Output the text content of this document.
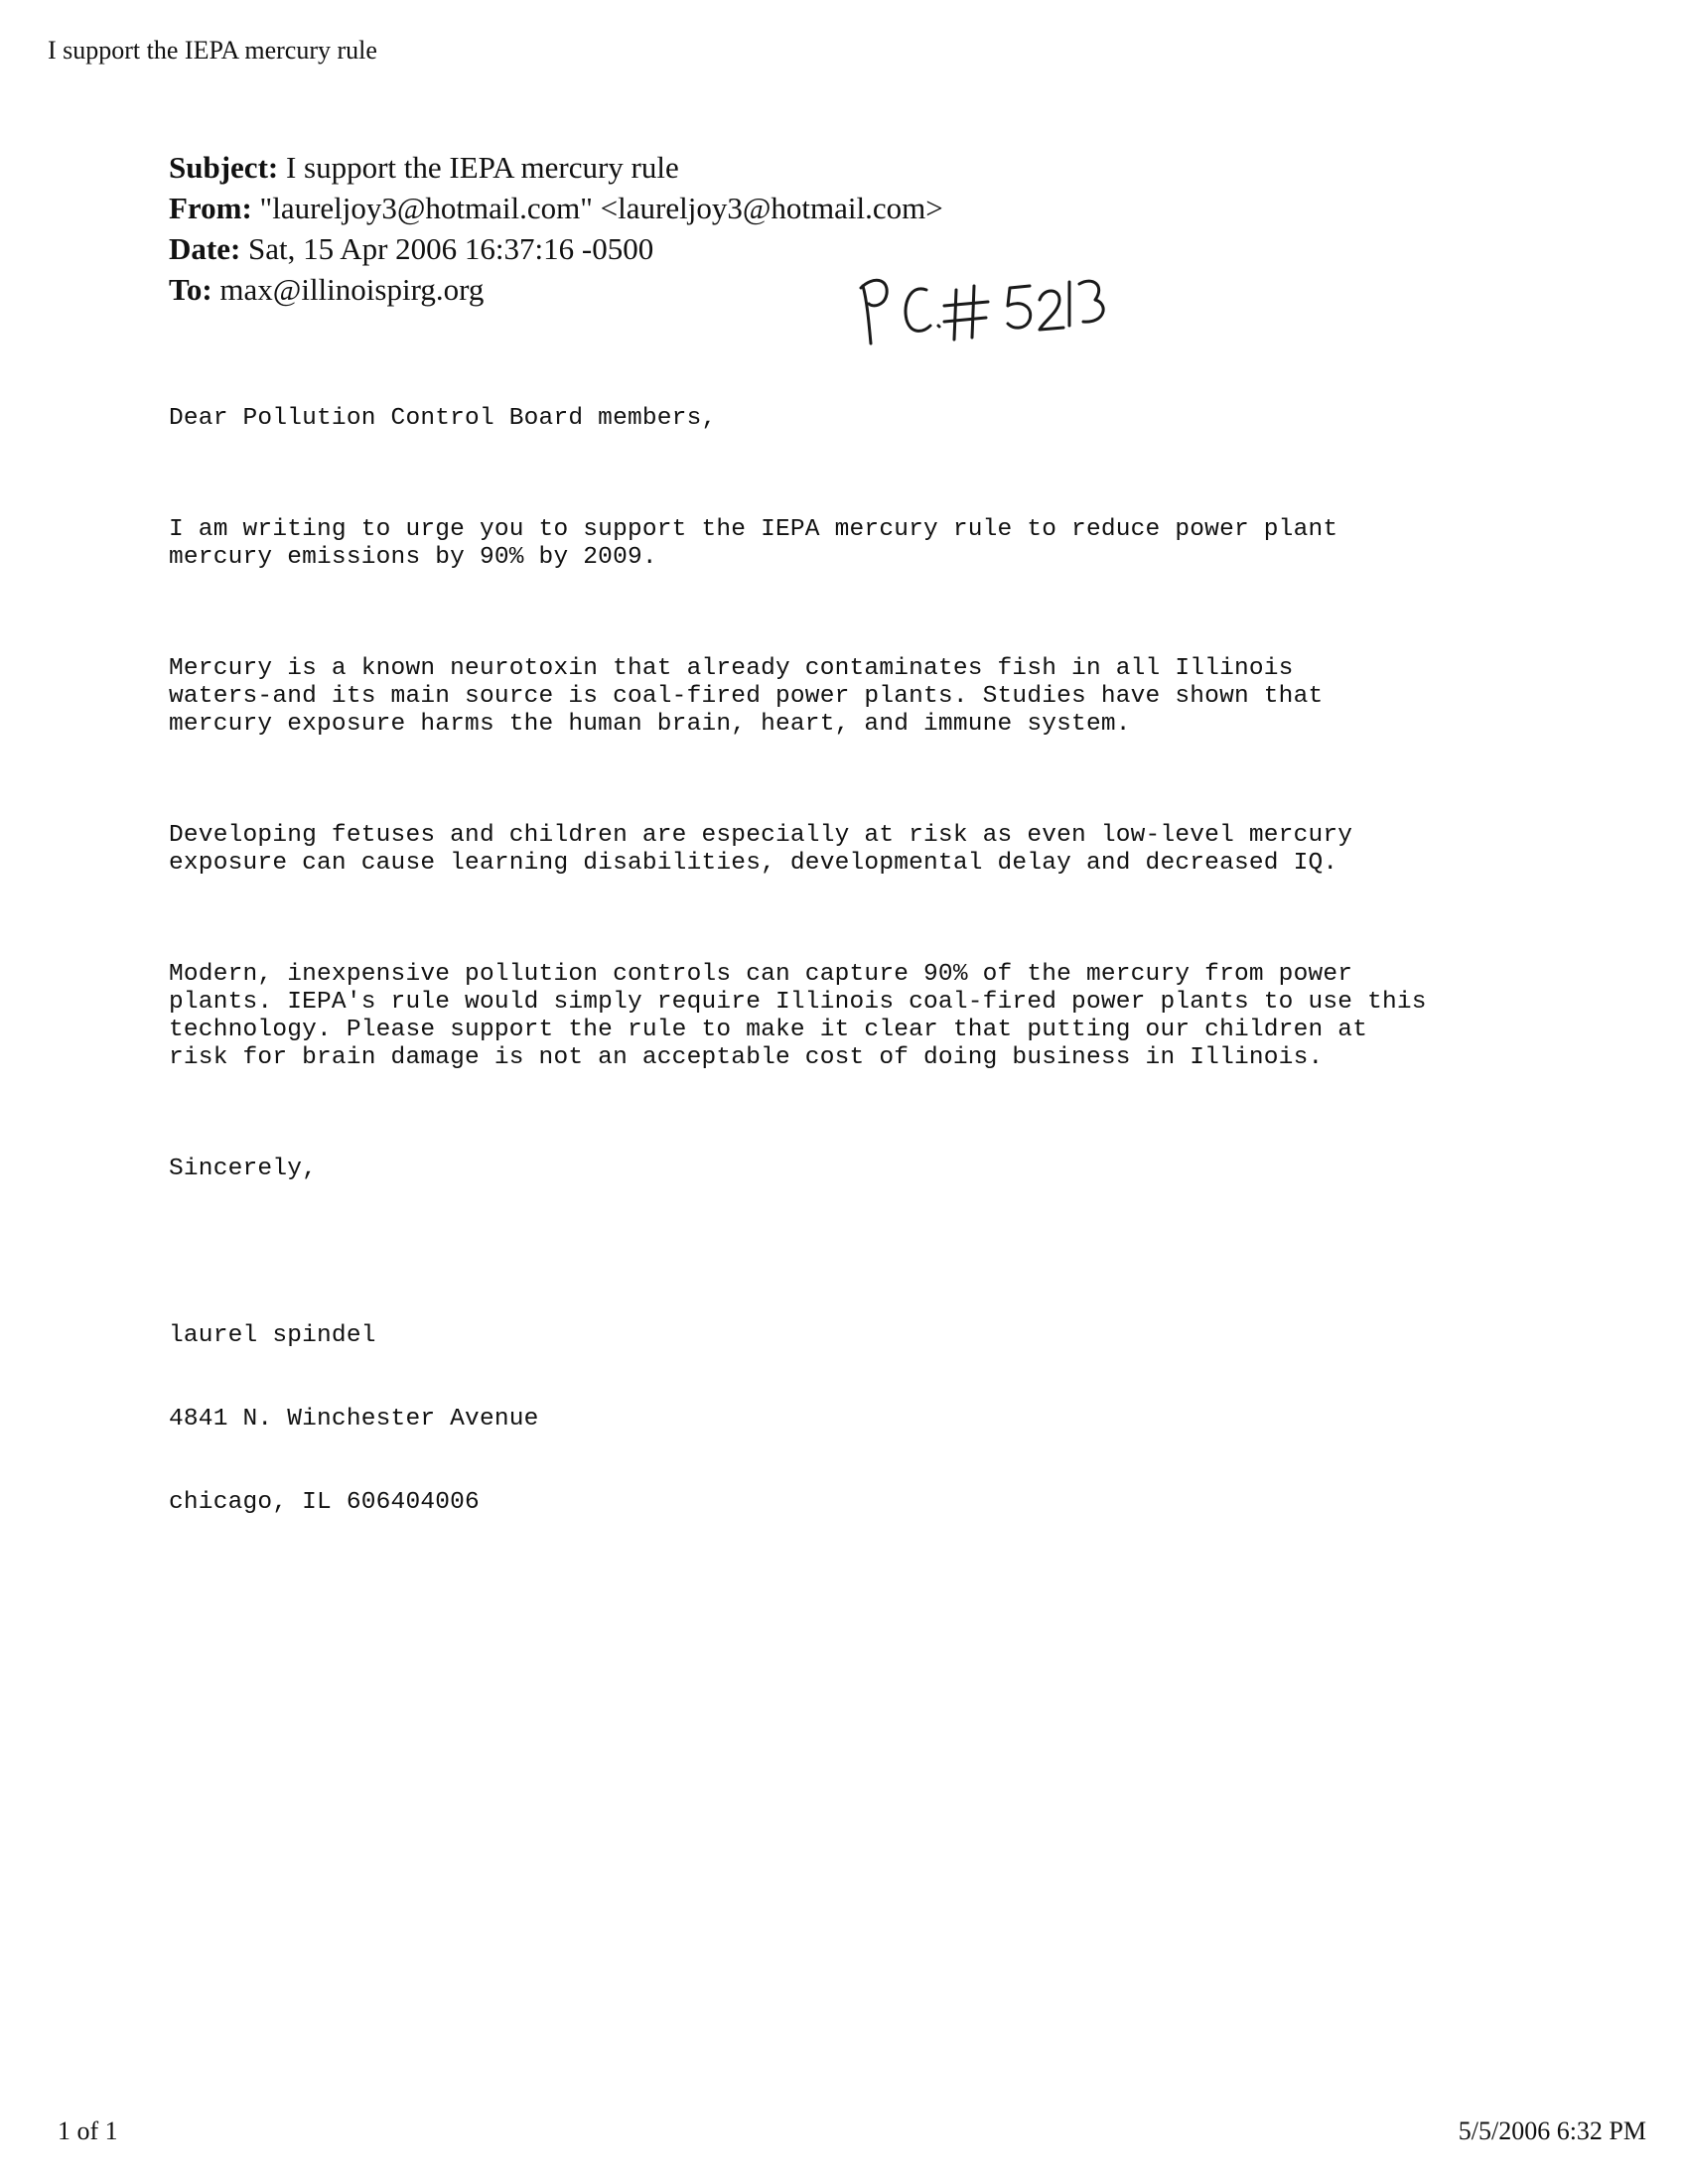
I support the IEPA mercury rule
Subject: I support the IEPA mercury rule
From: "laureljoy3@hotmail.com" <laureljoy3@hotmail.com>
Date: Sat, 15 Apr 2006 16:37:16 -0500
To: max@illinoispirg.org

Dear Pollution Control Board members,

I am writing to urge you to support the IEPA mercury rule to reduce power plant
mercury emissions by 90% by 2009.

Mercury is a known neurotoxin that already contaminates fish in all Illinois
waters-and its main source is coal-fired power plants. Studies have shown that
mercury exposure harms the human brain, heart, and immune system.

Developing fetuses and children are especially at risk as even low-level mercury
exposure can cause learning disabilities, developmental delay and decreased IQ.

Modern, inexpensive pollution controls can capture 90% of the mercury from power
plants. IEPA's rule would simply require Illinois coal-fired power plants to use this
technology. Please support the rule to make it clear that putting our children at
risk for brain damage is not an acceptable cost of doing business in Illinois.

Sincerely,

laurel spindel

4841 N. Winchester Avenue

chicago, IL 606404006

1 of 1	5/5/2006 6:32 PM
